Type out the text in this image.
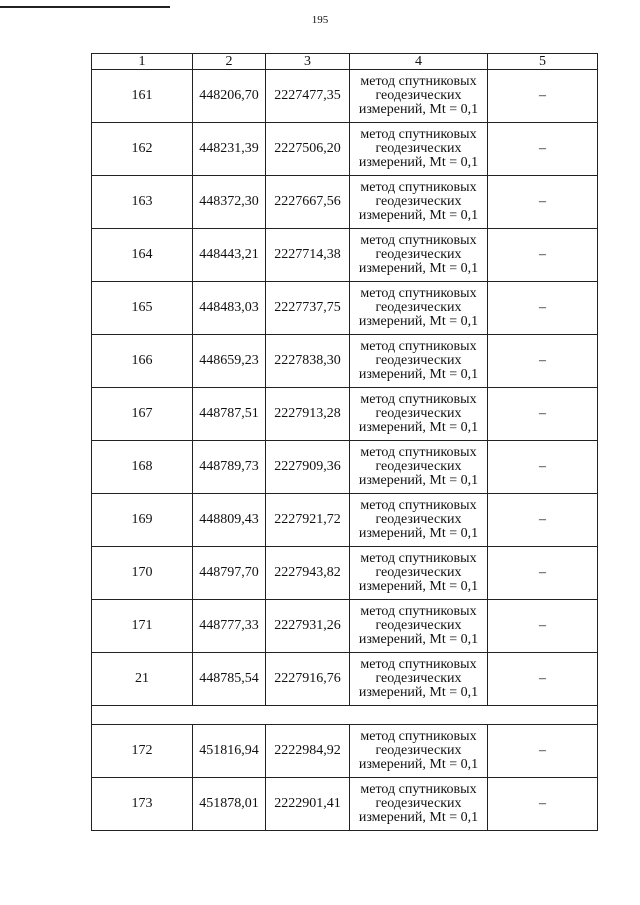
195
1	2	3	4	5
161	448206,70	2227477,35	метод спутниковых
геодезических
измерений, Mt = 0,1	–
162	448231,39	2227506,20	метод спутниковых
геодезических
измерений, Mt = 0,1	–
163	448372,30	2227667,56	метод спутниковых
геодезических
измерений, Mt = 0,1	–
164	448443,21	2227714,38	метод спутниковых
геодезических
измерений, Mt = 0,1	–
165	448483,03	2227737,75	метод спутниковых
геодезических
измерений, Mt = 0,1	–
166	448659,23	2227838,30	метод спутниковых
геодезических
измерений, Mt = 0,1	–
167	448787,51	2227913,28	метод спутниковых
геодезических
измерений, Mt = 0,1	–
168	448789,73	2227909,36	метод спутниковых
геодезических
измерений, Mt = 0,1	–
169	448809,43	2227921,72	метод спутниковых
геодезических
измерений, Mt = 0,1	–
170	448797,70	2227943,82	метод спутниковых
геодезических
измерений, Mt = 0,1	–
171	448777,33	2227931,26	метод спутниковых
геодезических
измерений, Mt = 0,1	–
21	448785,54	2227916,76	метод спутниковых
геодезических
измерений, Mt = 0,1	–

172	451816,94	2222984,92	метод спутниковых
геодезических
измерений, Mt = 0,1	–
173	451878,01	2222901,41	метод спутниковых
геодезических
измерений, Mt = 0,1	–
